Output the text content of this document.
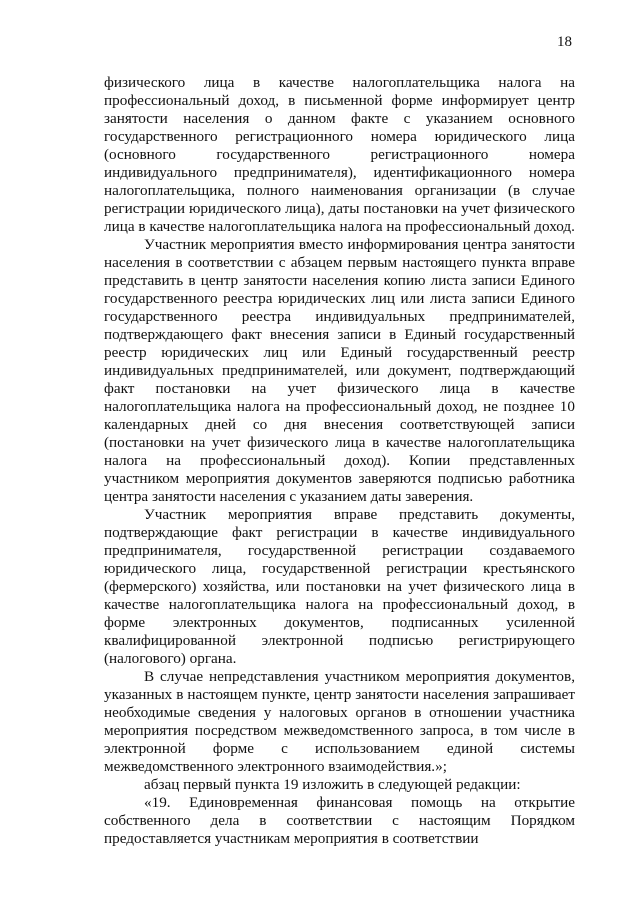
18

физического лица в качестве налогоплательщика налога на профессиональный доход, в письменной форме информирует центр занятости населения о данном факте с указанием основного государственного регистрационного номера юридического лица (основного государственного регистрационного номера индивидуального предпринимателя), идентификационного номера налогоплательщика, полного наименования организации (в случае регистрации юридического лица), даты постановки на учет физического лица в качестве налогоплательщика налога на профессиональный доход.

Участник мероприятия вместо информирования центра занятости населения в соответствии с абзацем первым настоящего пункта вправе представить в центр занятости населения копию листа записи Единого государственного реестра юридических лиц или листа записи Единого государственного реестра индивидуальных предпринимателей, подтверждающего факт внесения записи в Единый государственный реестр юридических лиц или Единый государственный реестр индивидуальных предпринимателей, или документ, подтверждающий факт постановки на учет физического лица в качестве налогоплательщика налога на профессиональный доход, не позднее 10 календарных дней со дня внесения соответствующей записи (постановки на учет физического лица в качестве налогоплательщика налога на профессиональный доход). Копии представленных участником мероприятия документов заверяются подписью работника центра занятости населения с указанием даты заверения.

Участник мероприятия вправе представить документы, подтверждающие факт регистрации в качестве индивидуального предпринимателя, государственной регистрации создаваемого юридического лица, государственной регистрации крестьянского (фермерского) хозяйства, или постановки на учет физического лица в качестве налогоплательщика налога на профессиональный доход, в форме электронных документов, подписанных усиленной квалифицированной электронной подписью регистрирующего (налогового) органа.

В случае непредставления участником мероприятия документов, указанных в настоящем пункте, центр занятости населения запрашивает необходимые сведения у налоговых органов в отношении участника мероприятия посредством межведомственного запроса, в том числе в электронной форме с использованием единой системы межведомственного электронного взаимодействия.»;

абзац первый пункта 19 изложить в следующей редакции:

«19. Единовременная финансовая помощь на открытие собственного дела в соответствии с настоящим Порядком предоставляется участникам мероприятия в соответствии
